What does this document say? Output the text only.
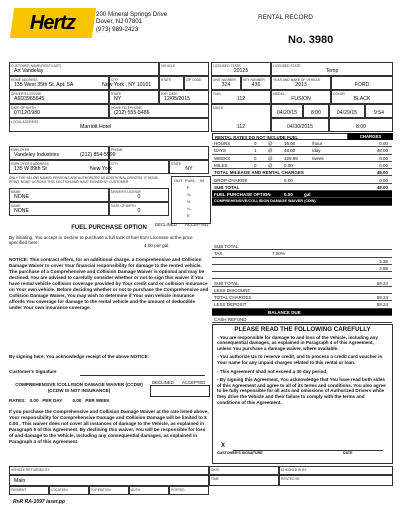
Hertz	200 Mineral Springs Drive
Dover, NJ 07801
(973) 989-2423
RENTAL RECORD
No. 3980
CUSTOMER NAME(FIRST/LAST)
Art Vandelay
VEHICLE
HOME ADDRESS
135 West 35th St. Apt. 5A
CITY
New York , NY 10101
STATE	ZIP CODE
DRIVER'S LICENSE
A6D3965645
STATE
NY
EXP. DATE
12/05/2015
DATE OF BIRTH
07/12/1980
HOME TELEPHONE
(212) 555-5486
LOCAL ADDRESS
Marriott Hotel
LICENSED STATE
20125
LICENSED STATE
Temp
UNIT NUMBER
324
KEY NUMBER
436
YEAR AND MAKE OF VEHICLE
2013	FORD
FUEL
112
MODEL
FUSION
COLOR
BLACK
MILES
112
04/20/15	8:00	04/29/15	9:54
04/30/2015	8:00
EMPLOYER
Vandeley Industries
PHONE
(212) 854-5599
EMPLOYER'S ADDRESS
135 W 89th St
CITY
New York
STATE
NY
ONLY THE BELOW NAMED PERSONS ARE AUTHORIZED AS ADDITIONAL DRIVERS. IF NONE, PRINT 'NONE' ACROSS THIS SECTION AND HAVE SIGNED BY CUSTOMER
NAME
NONE
DRIVER'S LICENSE
0
NAME
NONE
DATE OF BIRTH
0
OUT FUEL IN
F
¾
½
¼
E
FUEL PURCHASE OPTION
By initialing, You accept or decline to purchase a full tank of fuel from Licensee at the price specified here;
4.00 per gal.
DECLINED ACCEPTED
NOTICE: This contract offers, for an additional charge, a Comprehensive and Collision Damage Waiver to cover Your financial responsibility for damage to the rented vehicle. The purchase of a Comprehensive and Collision Damage Waiver is optional and may be declined. You are advised to carefully consider whether or not to sign this waiver if You have rental vehicle collision coverage provided by Your credit card or collision insurance on Your own vehicle. Before deciding whether or not to purchase the Comprehensive and Collision Damage Waiver, You may wish to determine if Your own vehicle insurance affords You coverage for damage to the rental vehicle and the amount of deductible under Your own insurance coverage.
By signing here, You acknowledge receipt of the above NOTICE:
Customer's Signature
COMPREHENSIVE /COLLISION DAMAGE WAIVER (CCDW)
(CCDW IS NOT INSURANCE)
DECLINED ACCEPTED
RATES:   0.00   PER DAY        0.00   PER WEEK
If you purchase the Comprehensive and Collision Damage Waiver at the rate listed above, Your responsibility for Comprehensive Damage and Collision Damage will be limited to $ 0.00 . This waiver does not cover all instances of damage to the Vehicle, as explained in Paragraph 6 of this Agreement. By declining this waiver, You will be responsible for loss of and damage to the Vehicle, including any consequential damages, as explained in Paragraph 4 of this Agreement.
RENTAL RATES DO NOT INCLUDE FUEL	CHARGES
HOURS	0	@	16.00	/hour	0.00
DAYS	1	@	48.00	/day	48.00
WEEKS	0	@	329.99	/week	0.00
MILES	0	@	0.00	0.00
TOTAL MILEAGE AND RENTAL CHARGES	48.00
DROP CHARGE	5.00	0.00
SUB TOTAL	48.00
FUEL PURCHASE OPTION	0.00 gal
COMPREHENSIVE/COLLISION DAMAGE WAIVER (CDW)
SUB TOTAL
TAX	7.00%
3.36
2.88
SUB TOTAL	59.24
LESS DISCOUNT
TOTAL CHARGES	59.24
LESS DEPOSIT	59.24
BALANCE DUE
CASH REFUND
PLEASE READ THE FOLLOWING CAREFULLY
- You are responsible for damage to and loss of the Vehicle, including any consequential damages, as explained in Paragraph 4 of this Agreement, unless You purchase a damage waiver, where available.
- You authorize Us to reserve credit, and to process a credit card voucher in Your name for any unpaid charges related to this rental or loan.
- This Agreement shall not exceed a 30 day period.
- By signing this Agreement, You acknowledge that You have read both sides of this Agreement and agree to all of its terms and conditions. You also agree to be fully responsible for all acts and omissions of Authorized Drivers while they drive the Vehicle and their failure to comply with the terms and conditions of this Agreement.
X
CUSTOMER'S SIGNATURE	DATE
VEHICLE RETURNED BY	DATE	CHECKED IN BY
Main	TIME	RENTED BY
PAYMENT	LOCATION	EXPIRATION	AUTH	POSTED
RnR RA-1097 laser.pp
